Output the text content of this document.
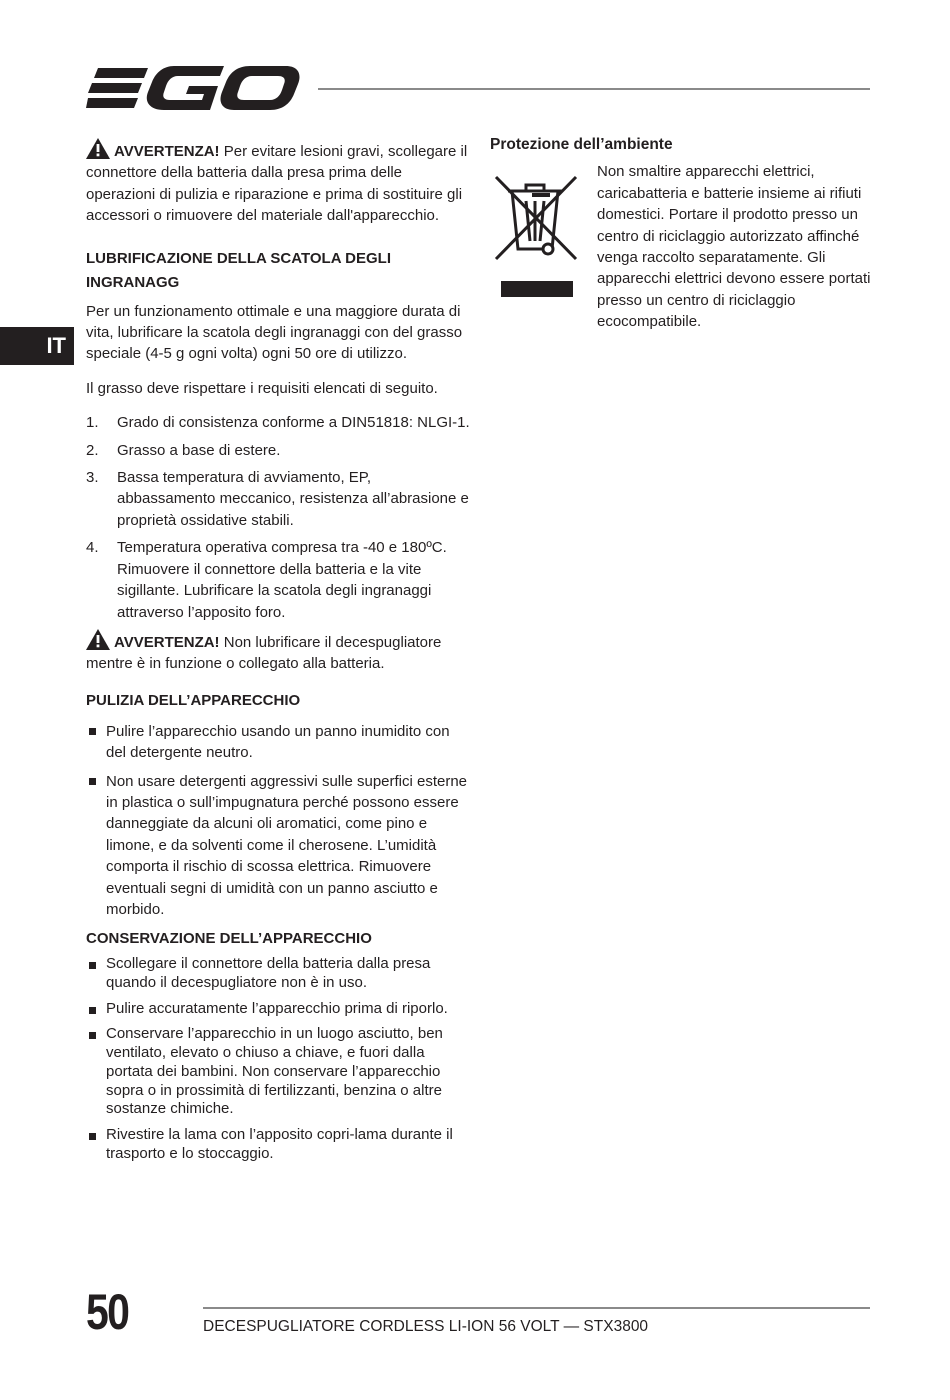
IT

AVVERTENZA! Per evitare lesioni gravi, scollegare il connettore della batteria dalla presa prima delle operazioni di pulizia e riparazione e prima di sostituire gli accessori o rimuovere del materiale dall'apparecchio.

LUBRIFICAZIONE DELLA SCATOLA DEGLI INGRANAGG

Per un funzionamento ottimale e una maggiore durata di vita, lubrificare la scatola degli ingranaggi con del grasso speciale (4-5 g ogni volta) ogni 50 ore di utilizzo.

Il grasso deve rispettare i requisiti elencati di seguito.

1.	Grado di consistenza conforme a DIN51818: NLGI-1.
2.	Grasso a base di estere.
3.	Bassa temperatura di avviamento, EP, abbassamento meccanico, resistenza all’abrasione e proprietà ossidative stabili.
4.	Temperatura operativa compresa tra -40 e 180ºC. Rimuovere il connettore della batteria e la vite sigillante. Lubrificare la scatola degli ingranaggi attraverso l’apposito foro.

AVVERTENZA! Non lubrificare il decespugliatore mentre è in funzione o collegato alla batteria.

PULIZIA DELL’APPARECCHIO
Pulire l’apparecchio usando un panno inumidito con del detergente neutro.
Non usare detergenti aggressivi sulle superfici esterne in plastica o sull’impugnatura perché possono essere danneggiate da alcuni oli aromatici, come pino e limone, e da solventi come il cherosene. L’umidità comporta il rischio di scossa elettrica. Rimuovere eventuali segni di umidità con un panno asciutto e morbido.
CONSERVAZIONE DELL’APPARECCHIO
Scollegare il connettore della batteria dalla presa quando il decespugliatore non è in uso.
Pulire accuratamente l’apparecchio prima di riporlo.
Conservare l’apparecchio in un luogo asciutto, ben ventilato, elevato o chiuso a chiave, e fuori dalla portata dei bambini. Non conservare l’apparecchio sopra o in prossimità di fertilizzanti, benzina o altre sostanze chimiche.
Rivestire la lama con l’apposito copri-lama durante il trasporto e lo stoccaggio.

Protezione dell’ambiente

Non smaltire apparecchi elettrici, caricabatteria e batterie insieme ai rifiuti domestici. Portare il prodotto presso un centro di riciclaggio autorizzato affinché venga raccolto separatamente. Gli apparecchi elettrici devono essere portati presso un centro di riciclaggio ecocompatibile.

50	DECESPUGLIATORE CORDLESS LI-ION 56 VOLT — STX3800
